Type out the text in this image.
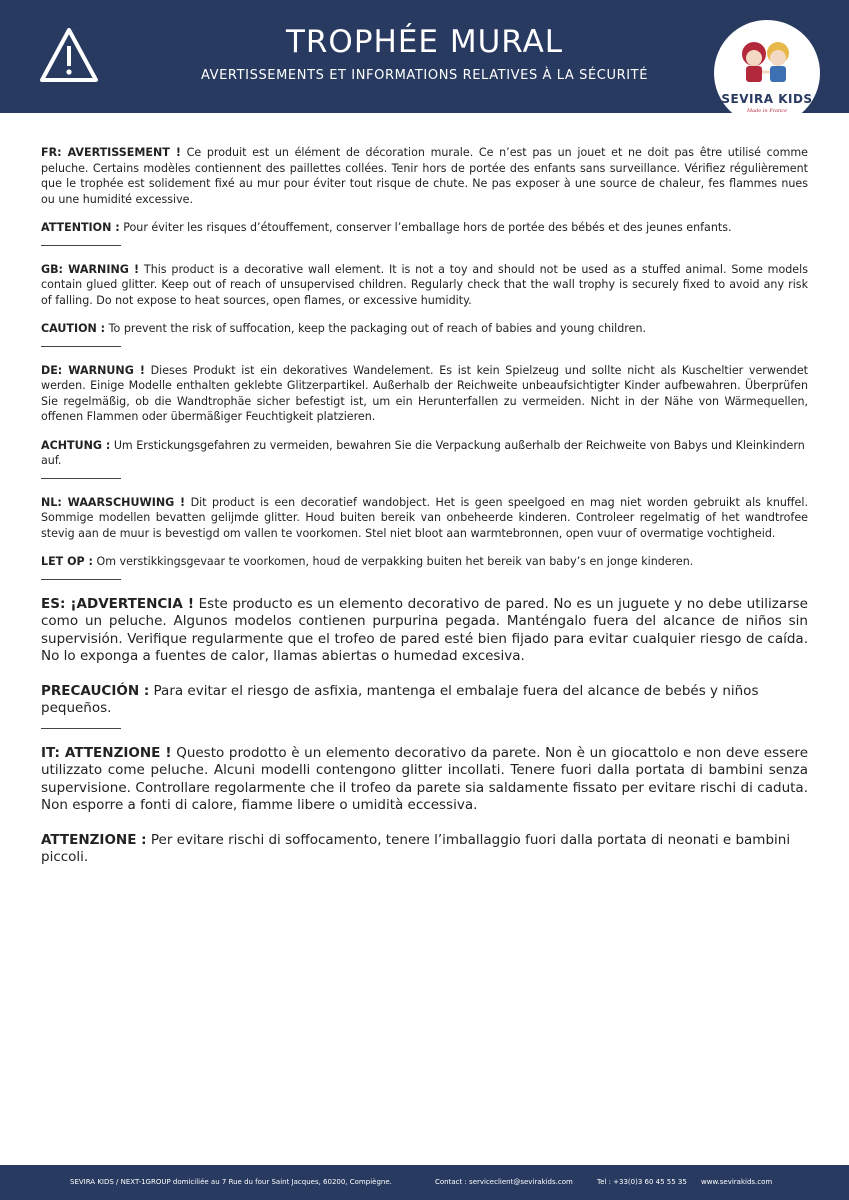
TROPHÉE MURAL
AVERTISSEMENTS ET INFORMATIONS RELATIVES À LA SÉCURITÉ
SEVIRA KIDS
Made in France

FR: AVERTISSEMENT ! Ce produit est un élément de décoration murale. Ce n’est pas un jouet et ne doit pas être utilisé comme peluche. Certains modèles contiennent des paillettes collées. Tenir hors de portée des enfants sans surveillance. Vérifiez régulièrement que le trophée est solidement fixé au mur pour éviter tout risque de chute. Ne pas exposer à une source de chaleur, fes flammes nues ou une humidité excessive.

ATTENTION : Pour éviter les risques d’étouffement, conserver l’emballage hors de portée des bébés et des jeunes enfants.

GB: WARNING ! This product is a decorative wall element. It is not a toy and should not be used as a stuffed animal. Some models contain glued glitter. Keep out of reach of unsupervised children. Regularly check that the wall trophy is securely fixed to avoid any risk of falling. Do not expose to heat sources, open flames, or excessive humidity.

CAUTION : To prevent the risk of suffocation, keep the packaging out of reach of babies and young children.

DE: WARNUNG ! Dieses Produkt ist ein dekoratives Wandelement. Es ist kein Spielzeug und sollte nicht als Kuscheltier verwendet werden. Einige Modelle enthalten geklebte Glitzerpartikel. Außerhalb der Reichweite unbeaufsichtigter Kinder aufbewahren. Überprüfen Sie regelmäßig, ob die Wandtrophäe sicher befestigt ist, um ein Herunterfallen zu vermeiden. Nicht in der Nähe von Wärmequellen, offenen Flammen oder übermäßiger Feuchtigkeit platzieren.

ACHTUNG : Um Erstickungsgefahren zu vermeiden, bewahren Sie die Verpackung außerhalb der Reichweite von Babys und Kleinkindern auf.

NL: WAARSCHUWING ! Dit product is een decoratief wandobject. Het is geen speelgoed en mag niet worden gebruikt als knuffel. Sommige modellen bevatten gelijmde glitter. Houd buiten bereik van onbeheerde kinderen. Controleer regelmatig of het wandtrofee stevig aan de muur is bevestigd om vallen te voorkomen. Stel niet bloot aan warmtebronnen, open vuur of overmatige vochtigheid.

LET OP : Om verstikkingsgevaar te voorkomen, houd de verpakking buiten het bereik van baby’s en jonge kinderen.

ES: ¡ADVERTENCIA ! Este producto es un elemento decorativo de pared. No es un juguete y no debe utilizarse como un peluche. Algunos modelos contienen purpurina pegada. Manténgalo fuera del alcance de niños sin supervisión. Verifique regularmente que el trofeo de pared esté bien fijado para evitar cualquier riesgo de caída. No lo exponga a fuentes de calor, llamas abiertas o humedad excesiva.

PRECAUCIÓN : Para evitar el riesgo de asfixia, mantenga el embalaje fuera del alcance de bebés y niños pequeños.

IT: ATTENZIONE ! Questo prodotto è un elemento decorativo da parete. Non è un giocattolo e non deve essere utilizzato come peluche. Alcuni modelli contengono glitter incollati. Tenere fuori dalla portata di bambini senza supervisione. Controllare regolarmente che il trofeo da parete sia saldamente fissato per evitare rischi di caduta. Non esporre a fonti di calore, fiamme libere o umidità eccessiva.

ATTENZIONE : Per evitare rischi di soffocamento, tenere l’imballaggio fuori dalla portata di neonati e bambini piccoli.

SEVIRA KIDS / NEXT-1GROUP domiciliée au 7 Rue du four Saint Jacques, 60200, Compiègne.	Contact : serviceclient@sevirakids.com	Tel : +33(0)3 60 45 55 35 www.sevirakids.com
